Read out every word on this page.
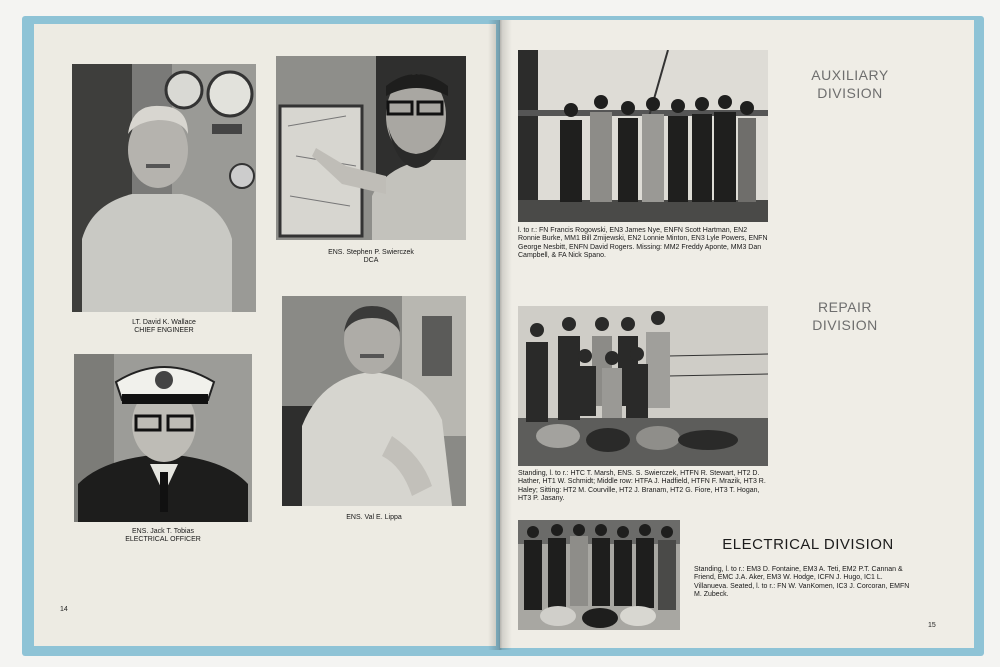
LT. David K. Wallace
CHIEF ENGINEER
ENS. Stephen P. Swierczek
DCA
ENS. Jack T. Tobias
ELECTRICAL OFFICER
ENS. Val E. Lippa
14
AUXILIARY
DIVISION
l. to r.: FN Francis Rogowski, EN3 James Nye, ENFN Scott Hartman, EN2 Ronnie Burke, MM1 Bill Zmijewski, EN2 Lonnie Minton, EN3 Lyle Powers, ENFN George Nesbitt, ENFN David Rogers. Missing: MM2 Freddy Aponte, MM3 Dan Campbell, & FA Nick Spano.
REPAIR
DIVISION
Standing, l. to r.: HTC T. Marsh, ENS. S. Swierczek, HTFN R. Stewart, HT2 D. Hather, HT1 W. Schmidt; Middle row: HTFA J. Hadfield, HTFN F. Mrazik, HT3 R. Haley; Sitting: HT2 M. Courville, HT2 J. Branam, HT2 G. Fiore, HT3 T. Hogan, HT3 P. Jasany.
ELECTRICAL DIVISION
Standing, l. to r.: EM3 D. Fontaine, EM3 A. Teti, EM2 P.T. Cannan & Friend, EMC J.A. Aker, EM3 W. Hodge, ICFN J. Hugo, IC1 L. Villanueva. Seated, l. to r.: FN W. VanKomen, IC3 J. Corcoran, EMFN M. Zubeck.
15
